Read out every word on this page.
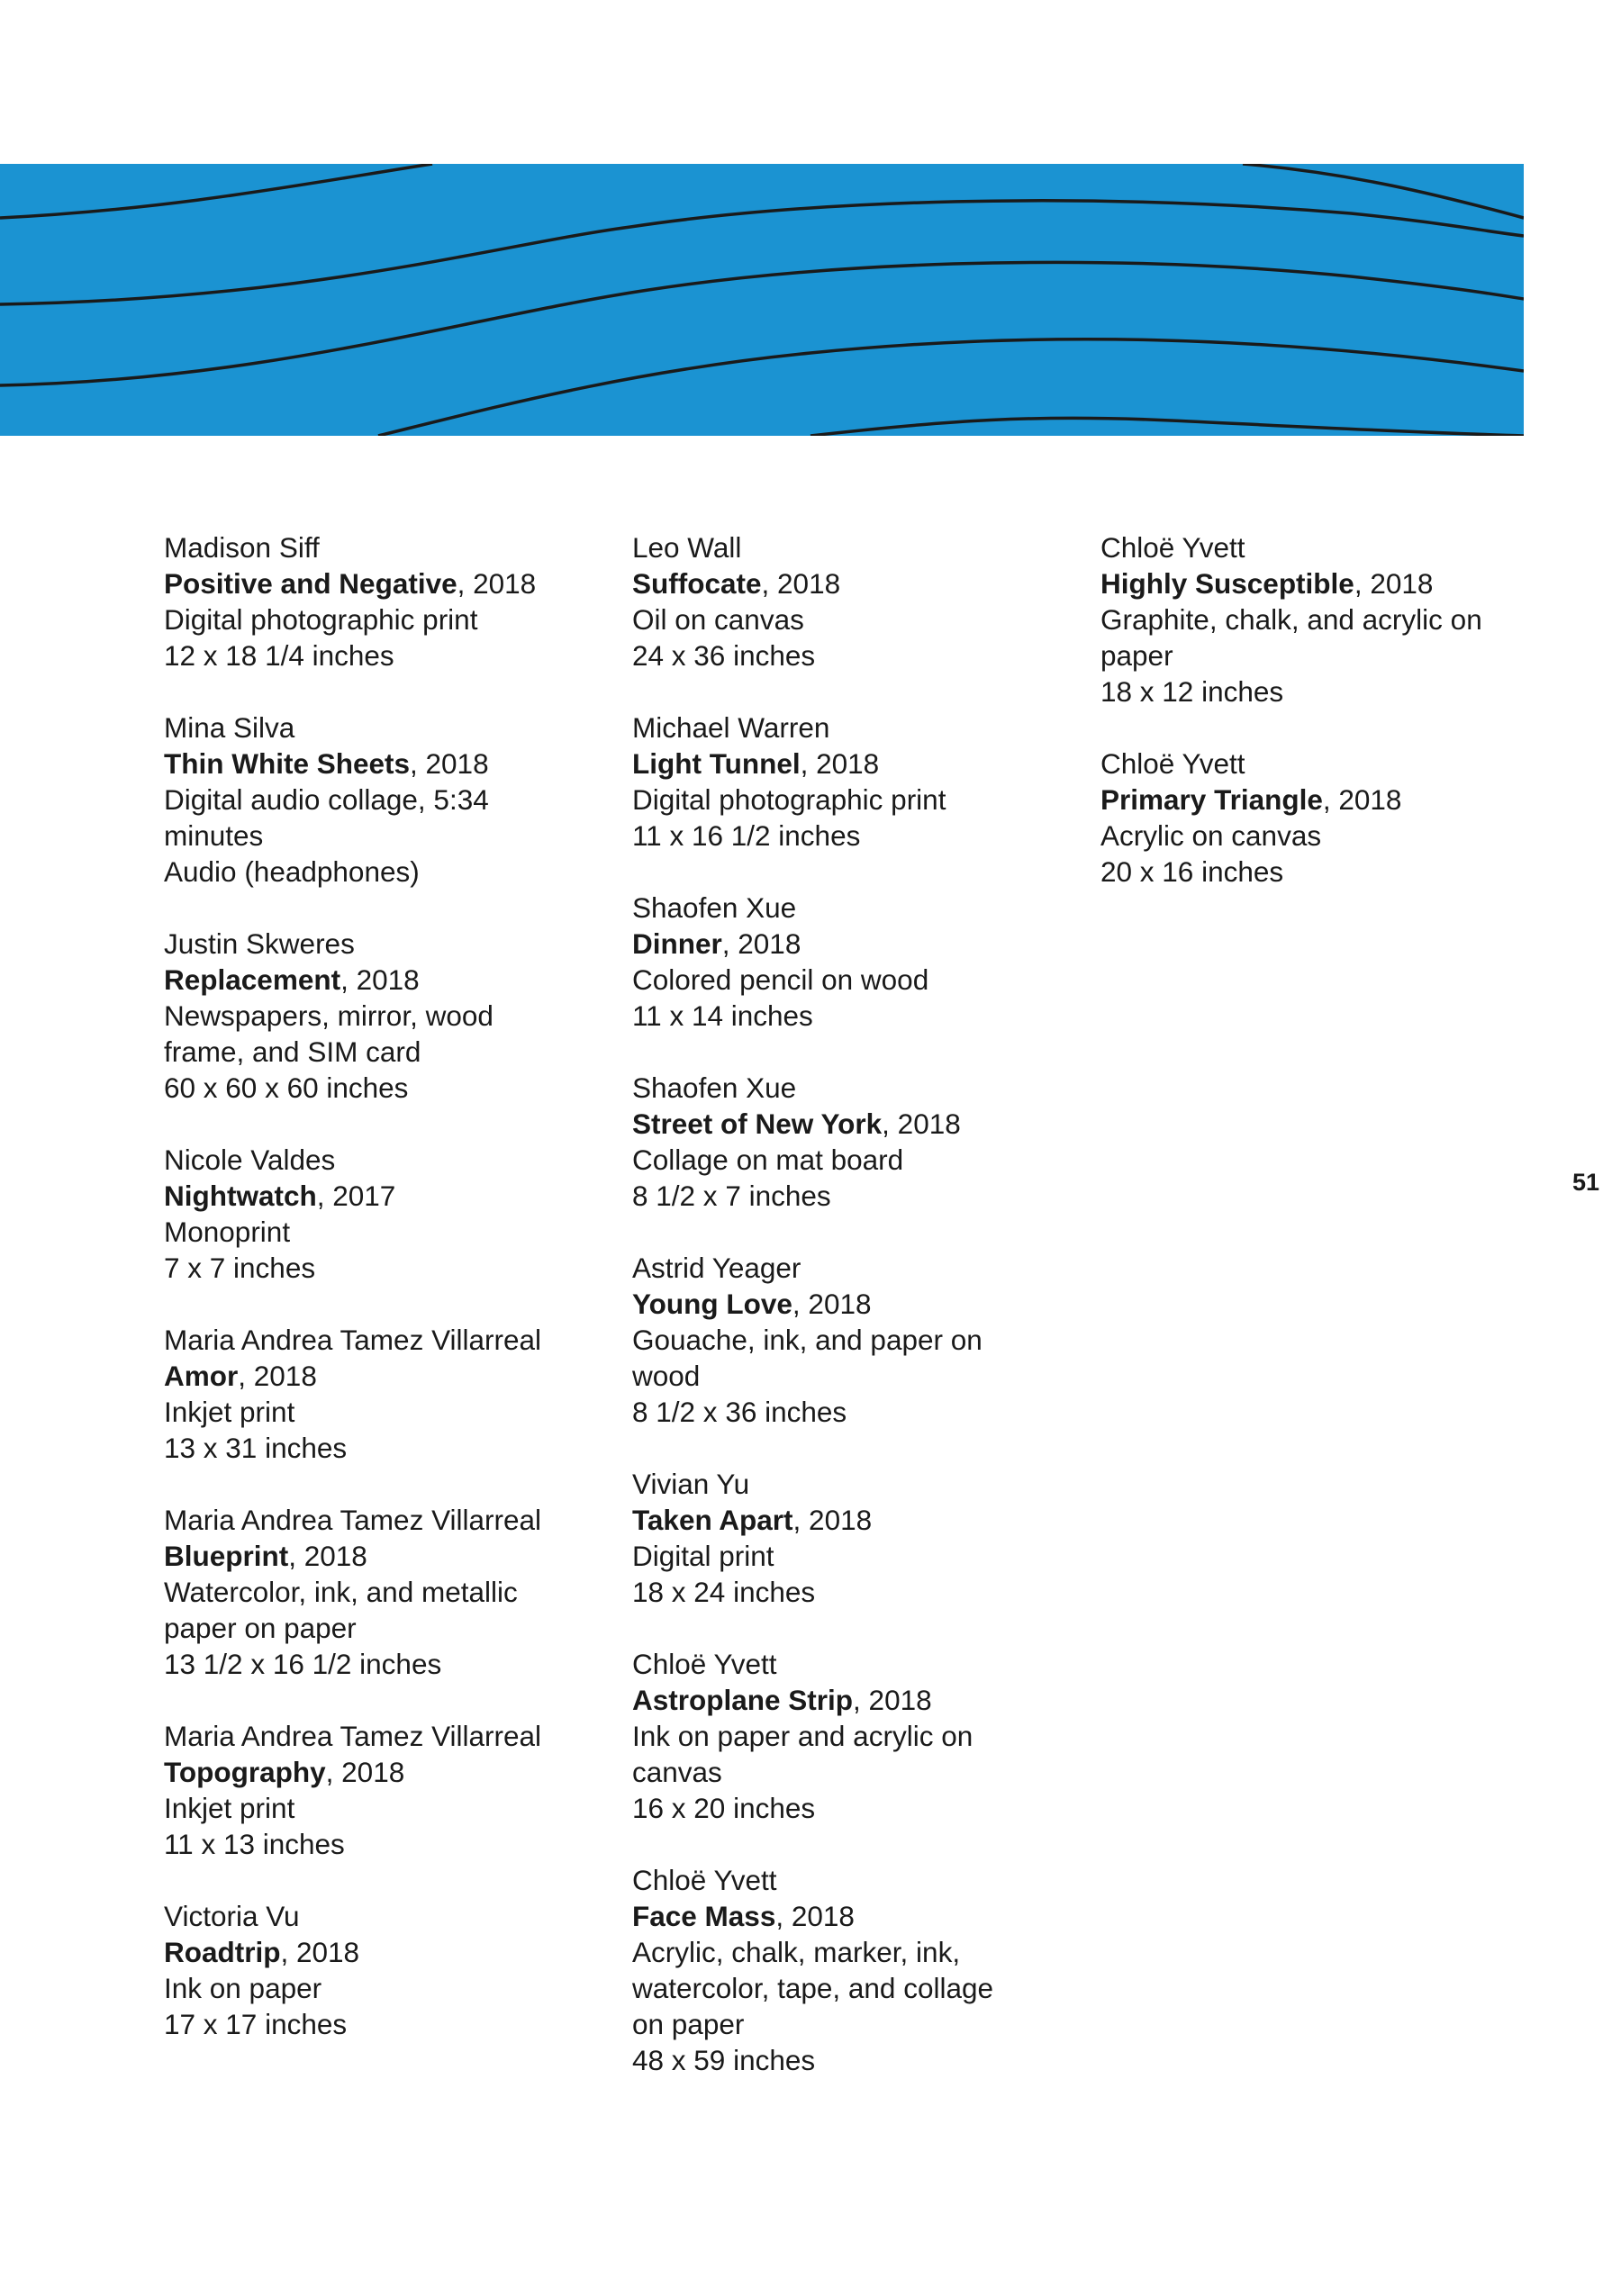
Madison Siff
Positive and Negative, 2018
Digital photographic print
12 x 18 1/4 inches
Mina Silva
Thin White Sheets, 2018
Digital audio collage, 5:34
minutes
Audio (headphones)
Justin Skweres
Replacement, 2018
Newspapers, mirror, wood
frame, and SIM card
60 x 60 x 60 inches
Nicole Valdes
Nightwatch, 2017
Monoprint
7 x 7 inches
Maria Andrea Tamez Villarreal
Amor, 2018
Inkjet print
13 x 31 inches
Maria Andrea Tamez Villarreal
Blueprint, 2018
Watercolor, ink, and metallic
paper on paper
13 1/2 x 16 1/2 inches
Maria Andrea Tamez Villarreal
Topography, 2018
Inkjet print
11 x 13 inches
Victoria Vu
Roadtrip, 2018
Ink on paper
17 x 17 inches
Leo Wall
Suffocate, 2018
Oil on canvas
24 x 36 inches
Michael Warren
Light Tunnel, 2018
Digital photographic print
11 x 16 1/2 inches
Shaofen Xue
Dinner, 2018
Colored pencil on wood
11 x 14 inches
Shaofen Xue
Street of New York, 2018
Collage on mat board
8 1/2 x 7 inches
Astrid Yeager
Young Love, 2018
Gouache, ink, and paper on
wood
8 1/2 x 36 inches
Vivian Yu
Taken Apart, 2018
Digital print
18 x 24 inches
Chloë Yvett
Astroplane Strip, 2018
Ink on paper and acrylic on
canvas
16 x 20 inches
Chloë Yvett
Face Mass, 2018
Acrylic, chalk, marker, ink,
watercolor, tape, and collage
on paper
48 x 59 inches
Chloë Yvett
Highly Susceptible, 2018
Graphite, chalk, and acrylic on
paper
18 x 12 inches
Chloë Yvett
Primary Triangle, 2018
Acrylic on canvas
20 x 16 inches
51
